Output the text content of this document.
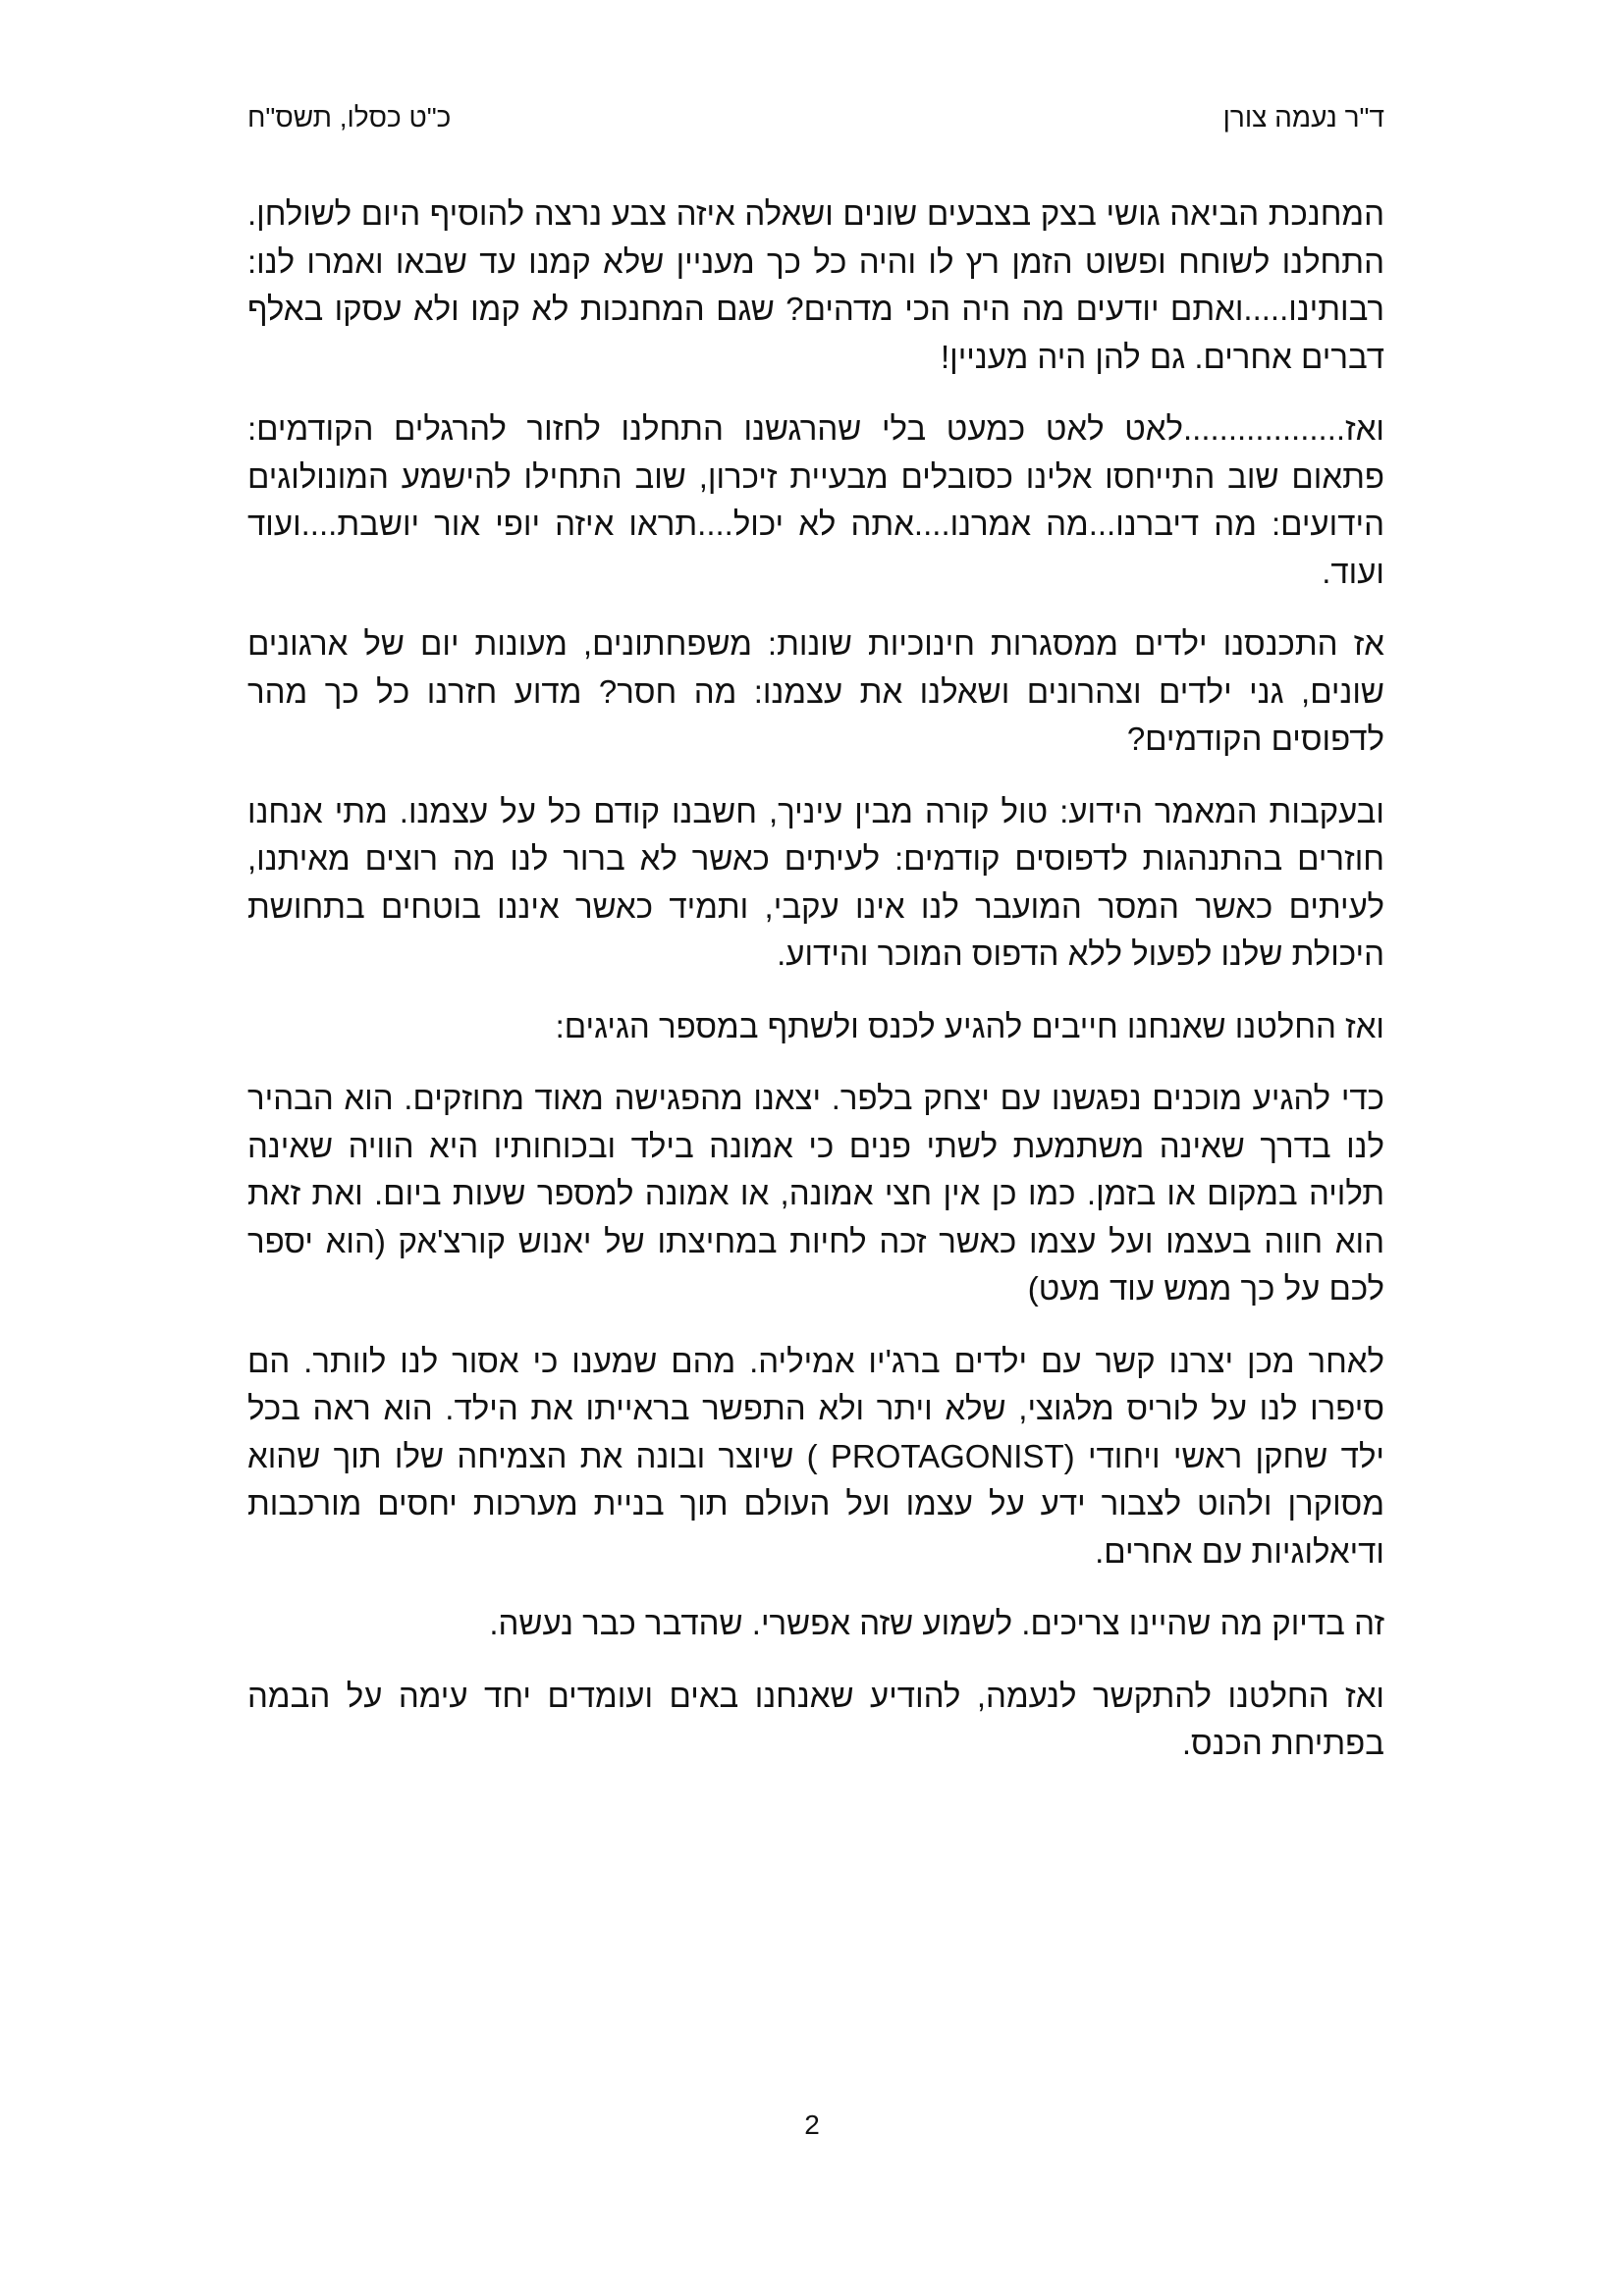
ד"ר נעמה צורן
כ"ט כסלו, תשס"ח

המחנכת הביאה גושי בצק בצבעים שונים ושאלה איזה צבע נרצה להוסיף היום לשולחן. התחלנו לשוחח ופשוט הזמן רץ לו והיה כל כך מעניין שלא קמנו עד שבאו ואמרו לנו: רבותינו.....ואתם יודעים מה היה הכי מדהים? שגם המחנכות לא קמו ולא עסקו באלף דברים אחרים. גם להן היה מעניין!

ואז..................לאט לאט כמעט בלי שהרגשנו התחלנו לחזור להרגלים הקודמים: פתאום שוב התייחסו אלינו כסובלים מבעיית זיכרון, שוב התחילו להישמע המונולוגים הידועים: מה דיברנו...מה אמרנו....אתה לא יכול....תראו איזה יופי אור יושבת....ועוד ועוד.

אז התכנסנו ילדים ממסגרות חינוכיות שונות: משפחתונים, מעונות יום של ארגונים שונים, גני ילדים וצהרונים ושאלנו את עצמנו: מה חסר? מדוע חזרנו כל כך מהר לדפוסים הקודמים?

ובעקבות המאמר הידוע: טול קורה מבין עיניך, חשבנו קודם כל על עצמנו. מתי אנחנו חוזרים בהתנהגות לדפוסים קודמים: לעיתים כאשר לא ברור לנו מה רוצים מאיתנו, לעיתים כאשר המסר המועבר לנו אינו עקבי, ותמיד כאשר איננו בוטחים בתחושת היכולת שלנו לפעול ללא הדפוס המוכר והידוע.

ואז החלטנו שאנחנו חייבים להגיע לכנס ולשתף במספר הגיגים:

כדי להגיע מוכנים נפגשנו עם יצחק בלפר. יצאנו מהפגישה מאוד מחוזקים. הוא הבהיר לנו בדרך שאינה משתמעת לשתי פנים כי אמונה בילד ובכוחותיו היא הוויה שאינה תלויה במקום או בזמן. כמו כן אין חצי אמונה, או אמונה למספר שעות ביום. ואת זאת הוא חווה בעצמו ועל עצמו כאשר זכה לחיות במחיצתו של יאנוש קורצ'אק (הוא יספר לכם על כך ממש עוד מעט)

לאחר מכן יצרנו קשר עם ילדים ברג'יו אמיליה. מהם שמענו כי אסור לנו לוותר. הם סיפרו לנו על לוריס מלגוצי, שלא ויתר ולא התפשר בראייתו את הילד. הוא ראה בכל ילד שחקן ראשי ויחודי (PROTAGONIST ) שיוצר ובונה את הצמיחה שלו תוך שהוא מסוקרן ולהוט לצבור ידע על עצמו ועל העולם תוך בניית מערכות יחסים מורכבות ודיאלוגיות עם אחרים.

זה בדיוק מה שהיינו צריכים. לשמוע שזה אפשרי. שהדבר כבר נעשה.

ואז החלטנו להתקשר לנעמה, להודיע שאנחנו באים ועומדים יחד עימה על הבמה בפתיחת הכנס.

2
